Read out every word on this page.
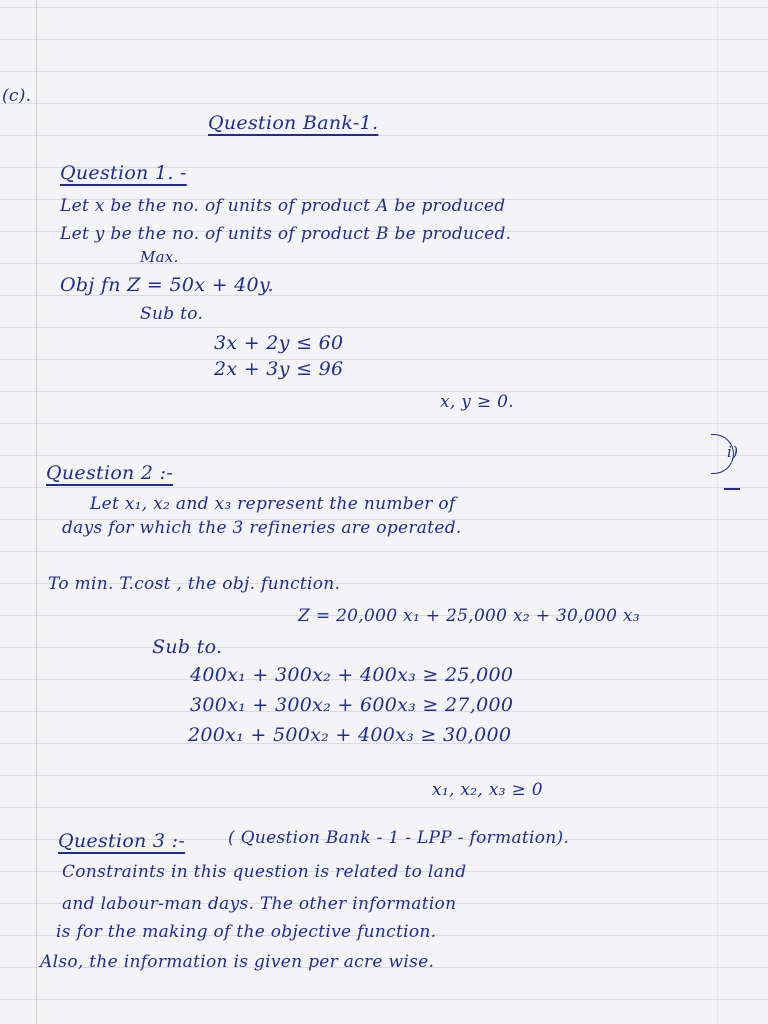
(c).
Question Bank-1.
Question 1. -
Let x be the no. of units of product A be produced
Let y be the no. of units of product B be produced.
Max.
Obj fn Z = 50x + 40y.
Sub to.
3x + 2y ≤ 60
2x + 3y ≤ 96
x, y ≥ 0.
i)
Question 2 :-
Let x₁, x₂ and x₃ represent the number of
days for which the 3 refineries are operated.
To min. T.cost , the obj. function.
Z = 20,000 x₁ + 25,000 x₂ + 30,000 x₃
Sub to.
400x₁ + 300x₂ + 400x₃ ≥ 25,000
300x₁ + 300x₂ + 600x₃ ≥ 27,000
200x₁ + 500x₂ + 400x₃ ≥ 30,000
x₁, x₂, x₃ ≥ 0
Question 3 :-	( Question Bank - 1 - LPP - formation).
Constraints in this question is related to land
and labour-man days. The other information
is for the making of the objective function.
Also, the information is given per acre wise.
